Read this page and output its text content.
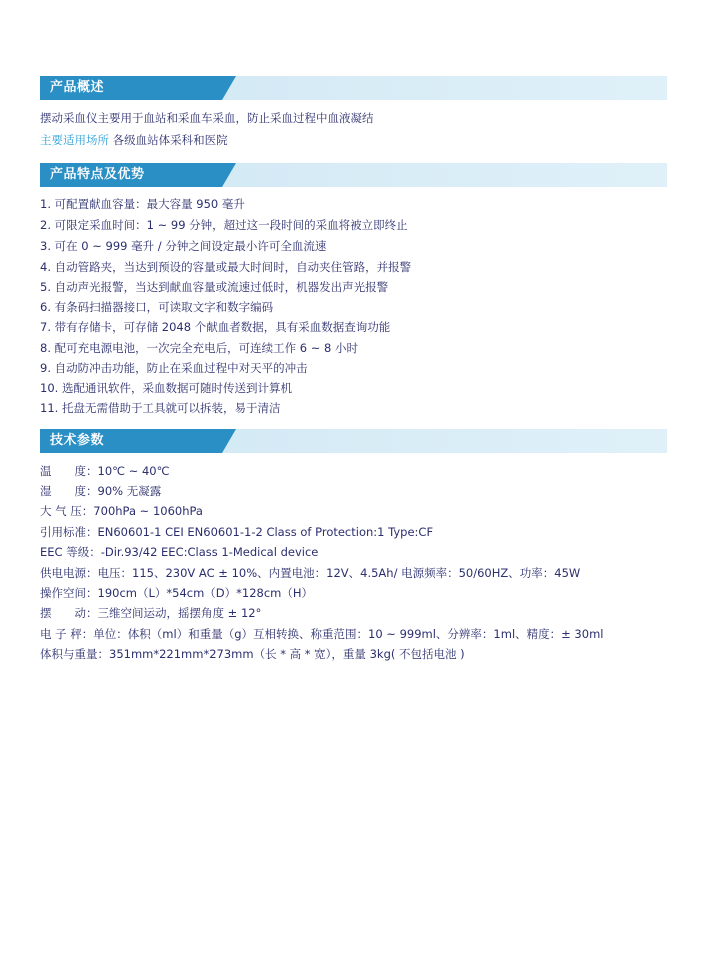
产品概述
摆动采血仪主要用于血站和采血车采血，防止采血过程中血液凝结
主要适用场所 各级血站体采科和医院
产品特点及优势
1. 可配置献血容量：最大容量 950 毫升
2. 可限定采血时间：1 ~ 99 分钟，超过这一段时间的采血将被立即终止
3. 可在 0 ~ 999 毫升 / 分钟之间设定最小许可全血流速
4. 自动管路夹，当达到预设的容量或最大时间时，自动夹住管路，并报警
5. 自动声光报警，当达到献血容量或流速过低时，机器发出声光报警
6. 有条码扫描器接口，可读取文字和数字编码
7. 带有存储卡，可存储 2048 个献血者数据，具有采血数据查询功能
8. 配可充电源电池，一次完全充电后，可连续工作 6 ~ 8 小时
9. 自动防冲击功能，防止在采血过程中对天平的冲击
10. 选配通讯软件，采血数据可随时传送到计算机
11. 托盘无需借助于工具就可以拆装，易于清洁
技术参数
温　　度：10℃ ~ 40℃
湿　　度：90% 无凝露
大 气 压：700hPa ~ 1060hPa
引用标准：EN60601-1 CEI EN60601-1-2 Class of Protection:1 Type:CF
EEC 等级：-Dir.93/42 EEC:Class 1-Medical device
供电电源：电压：115、230V AC ± 10%、内置电池：12V、4.5Ah/ 电源频率：50/60HZ、功率：45W
操作空间：190cm（L）*54cm（D）*128cm（H）
摆　　动：三维空间运动，摇摆角度 ± 12°
电 子 秤：单位：体积（ml）和重量（g）互相转换、称重范围：10 ~ 999ml、分辨率：1ml、精度：± 30ml
体积与重量：351mm*221mm*273mm（长 * 高 * 宽），重量 3kg( 不包括电池 )
